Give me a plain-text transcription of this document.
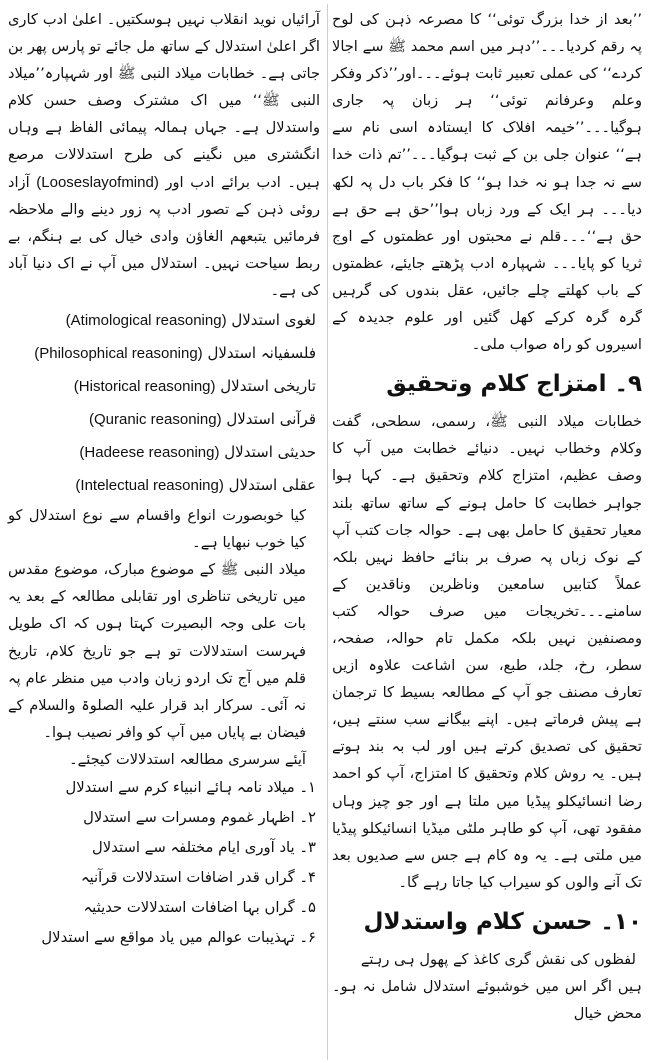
’’بعد از خدا بزرگ توئی‘‘ کا مصرعہ ذہن کی لوح پہ رقم کردیا۔۔۔’’دہر میں اسم محمد ﷺ سے اجالا کردے‘‘ کی عملی تعبیر ثابت ہوئے۔۔۔اور’’ذکر وفکر وعلم وعرفانم توئی‘‘ ہر زبان پہ جاری ہوگیا۔۔۔’’خیمہ افلاک کا ایستادہ اسی نام سے ہے‘‘ عنوان جلی بن کے ثبت ہوگیا۔۔۔’’تم ذات خدا سے نہ جدا ہو نہ خدا ہو‘‘ کا فکر باب دل پہ لکھ دیا۔۔۔ ہر ایک کے ورد زباں ہوا’’حق ہے حق ہے حق ہے‘‘۔۔۔قلم نے محبتوں اور عظمتوں کے اوج ثریا کو پایا۔۔۔ شہپارہ ادب پڑھتے جایئے، عظمتوں کے باب کھلتے چلے جائیں، عقل بندوں کی گرہیں گرہ گرہ کرکے کھل گئیں اور علوم جدیدہ کے اسیروں کو راہ صواب ملی۔

۹۔ امتزاج کلام وتحقیق

خطابات میلاد النبی ﷺ، رسمی، سطحی، گفت وکلام وخطاب نہیں۔ دنیائے خطابت میں آپ کا وصف عظیم، امتزاج کلام وتحقیق ہے۔ کہا ہوا جواہر خطابت کا حامل ہونے کے ساتھ ساتھ بلند معیار تحقیق کا حامل بھی ہے۔ حوالہ جات کتب آپ کے نوک زباں پہ صرف بر بنائے حافظ نہیں بلکہ عملاً کتابیں سامعین وناظرین وناقدین کے سامنے۔۔۔تخریجات میں صرف حوالہ کتب ومصنفین نہیں بلکہ مکمل تام حوالہ، صفحہ، سطر، رخ، جلد، طبع، سن اشاعت علاوہ ازیں تعارف مصنف جو آپ کے مطالعہ بسیط کا ترجمان ہے پیش فرماتے ہیں۔ اپنے بیگانے سب سنتے ہیں، تحقیق کی تصدیق کرتے ہیں اور لب بہ بند ہوتے ہیں۔ یہ روش کلام وتحقیق کا امتزاج، آپ کو احمد رضا انسائیکلو پیڈیا میں ملتا ہے اور جو چیز وہاں مفقود تھی، آپ کو طاہر ملٹی میڈیا انسائیکلو پیڈیا میں ملتی ہے۔ یہ وہ کام ہے جس سے صدیوں بعد تک آنے والوں کو سیراب کیا جاتا رہے گا۔

۱۰۔ حسن کلام واستدلال

لفظوں کی نقش گری کاغذ کے پھول ہی رہتے

ہیں اگر اس میں خوشبوئے استدلال شامل نہ ہو۔ محض خیال

آرائیاں نوید انقلاب نہیں ہوسکتیں۔ اعلیٰ ادب کاری اگر اعلیٰ استدلال کے ساتھ مل جائے تو پارس پھر بن جاتی ہے۔ خطابات میلاد النبی ﷺ اور شہپارہ’’میلاد النبی ﷺ‘‘ میں اک مشترک وصف حسن کلام واستدلال ہے۔ جہاں ہمالہ پیمائی الفاظ ہے وہاں انگشتری میں نگینے کی طرح استدلالات مرصع ہیں۔ ادب برائے ادب اور (Looseslayofmind) آزاد روئی ذہن کے تصور ادب پہ زور دینے والے ملاحظہ فرمائیں یتبعھم الغاؤن وادی خیال کی بے ہنگم، بے ربط سیاحت نہیں۔ استدلال میں آپ نے اک دنیا آباد کی ہے۔

لغوی استدلال (Atimological reasoning)
فلسفیانہ استدلال (Philosophical reasoning)
تاریخی استدلال (Historical reasoning)
قرآنی استدلال (Quranic reasoning)
حدیثی استدلال (Hadeese reasoning)
عقلی استدلال (Intelectual reasoning)

کیا خوبصورت انواع واقسام سے نوع استدلال کو کیا خوب نبھایا ہے۔

میلاد النبی ﷺ کے موضوع مبارک، موضوع مقدس میں تاریخی تناظری اور تقابلی مطالعہ کے بعد یہ بات علی وجہ البصیرت کہتا ہوں کہ اک طویل فہرست استدلالات تو ہے جو تاریخ کلام، تاریخ قلم میں آج تک اردو زبان وادب میں منظر عام پہ نہ آئی۔ سرکار ابد قرار علیہ الصلوۃ والسلام کے فیضان بے پایاں میں آپ کو وافر نصیب ہوا۔

آیئے سرسری مطالعہ استدلالات کیجئے۔

۱۔ میلاد نامہ ہائے انبیاء کرم سے استدلال
۲۔ اظہار غموم ومسرات سے استدلال
۳۔ یاد آوری ایام مختلفہ سے استدلال
۴۔ گراں قدر اضافات استدلالات قرآنیہ
۵۔ گراں بہا اضافات استدلالات حدیثیہ
۶۔ تہذیبات عوالم میں یاد مواقع سے استدلال
